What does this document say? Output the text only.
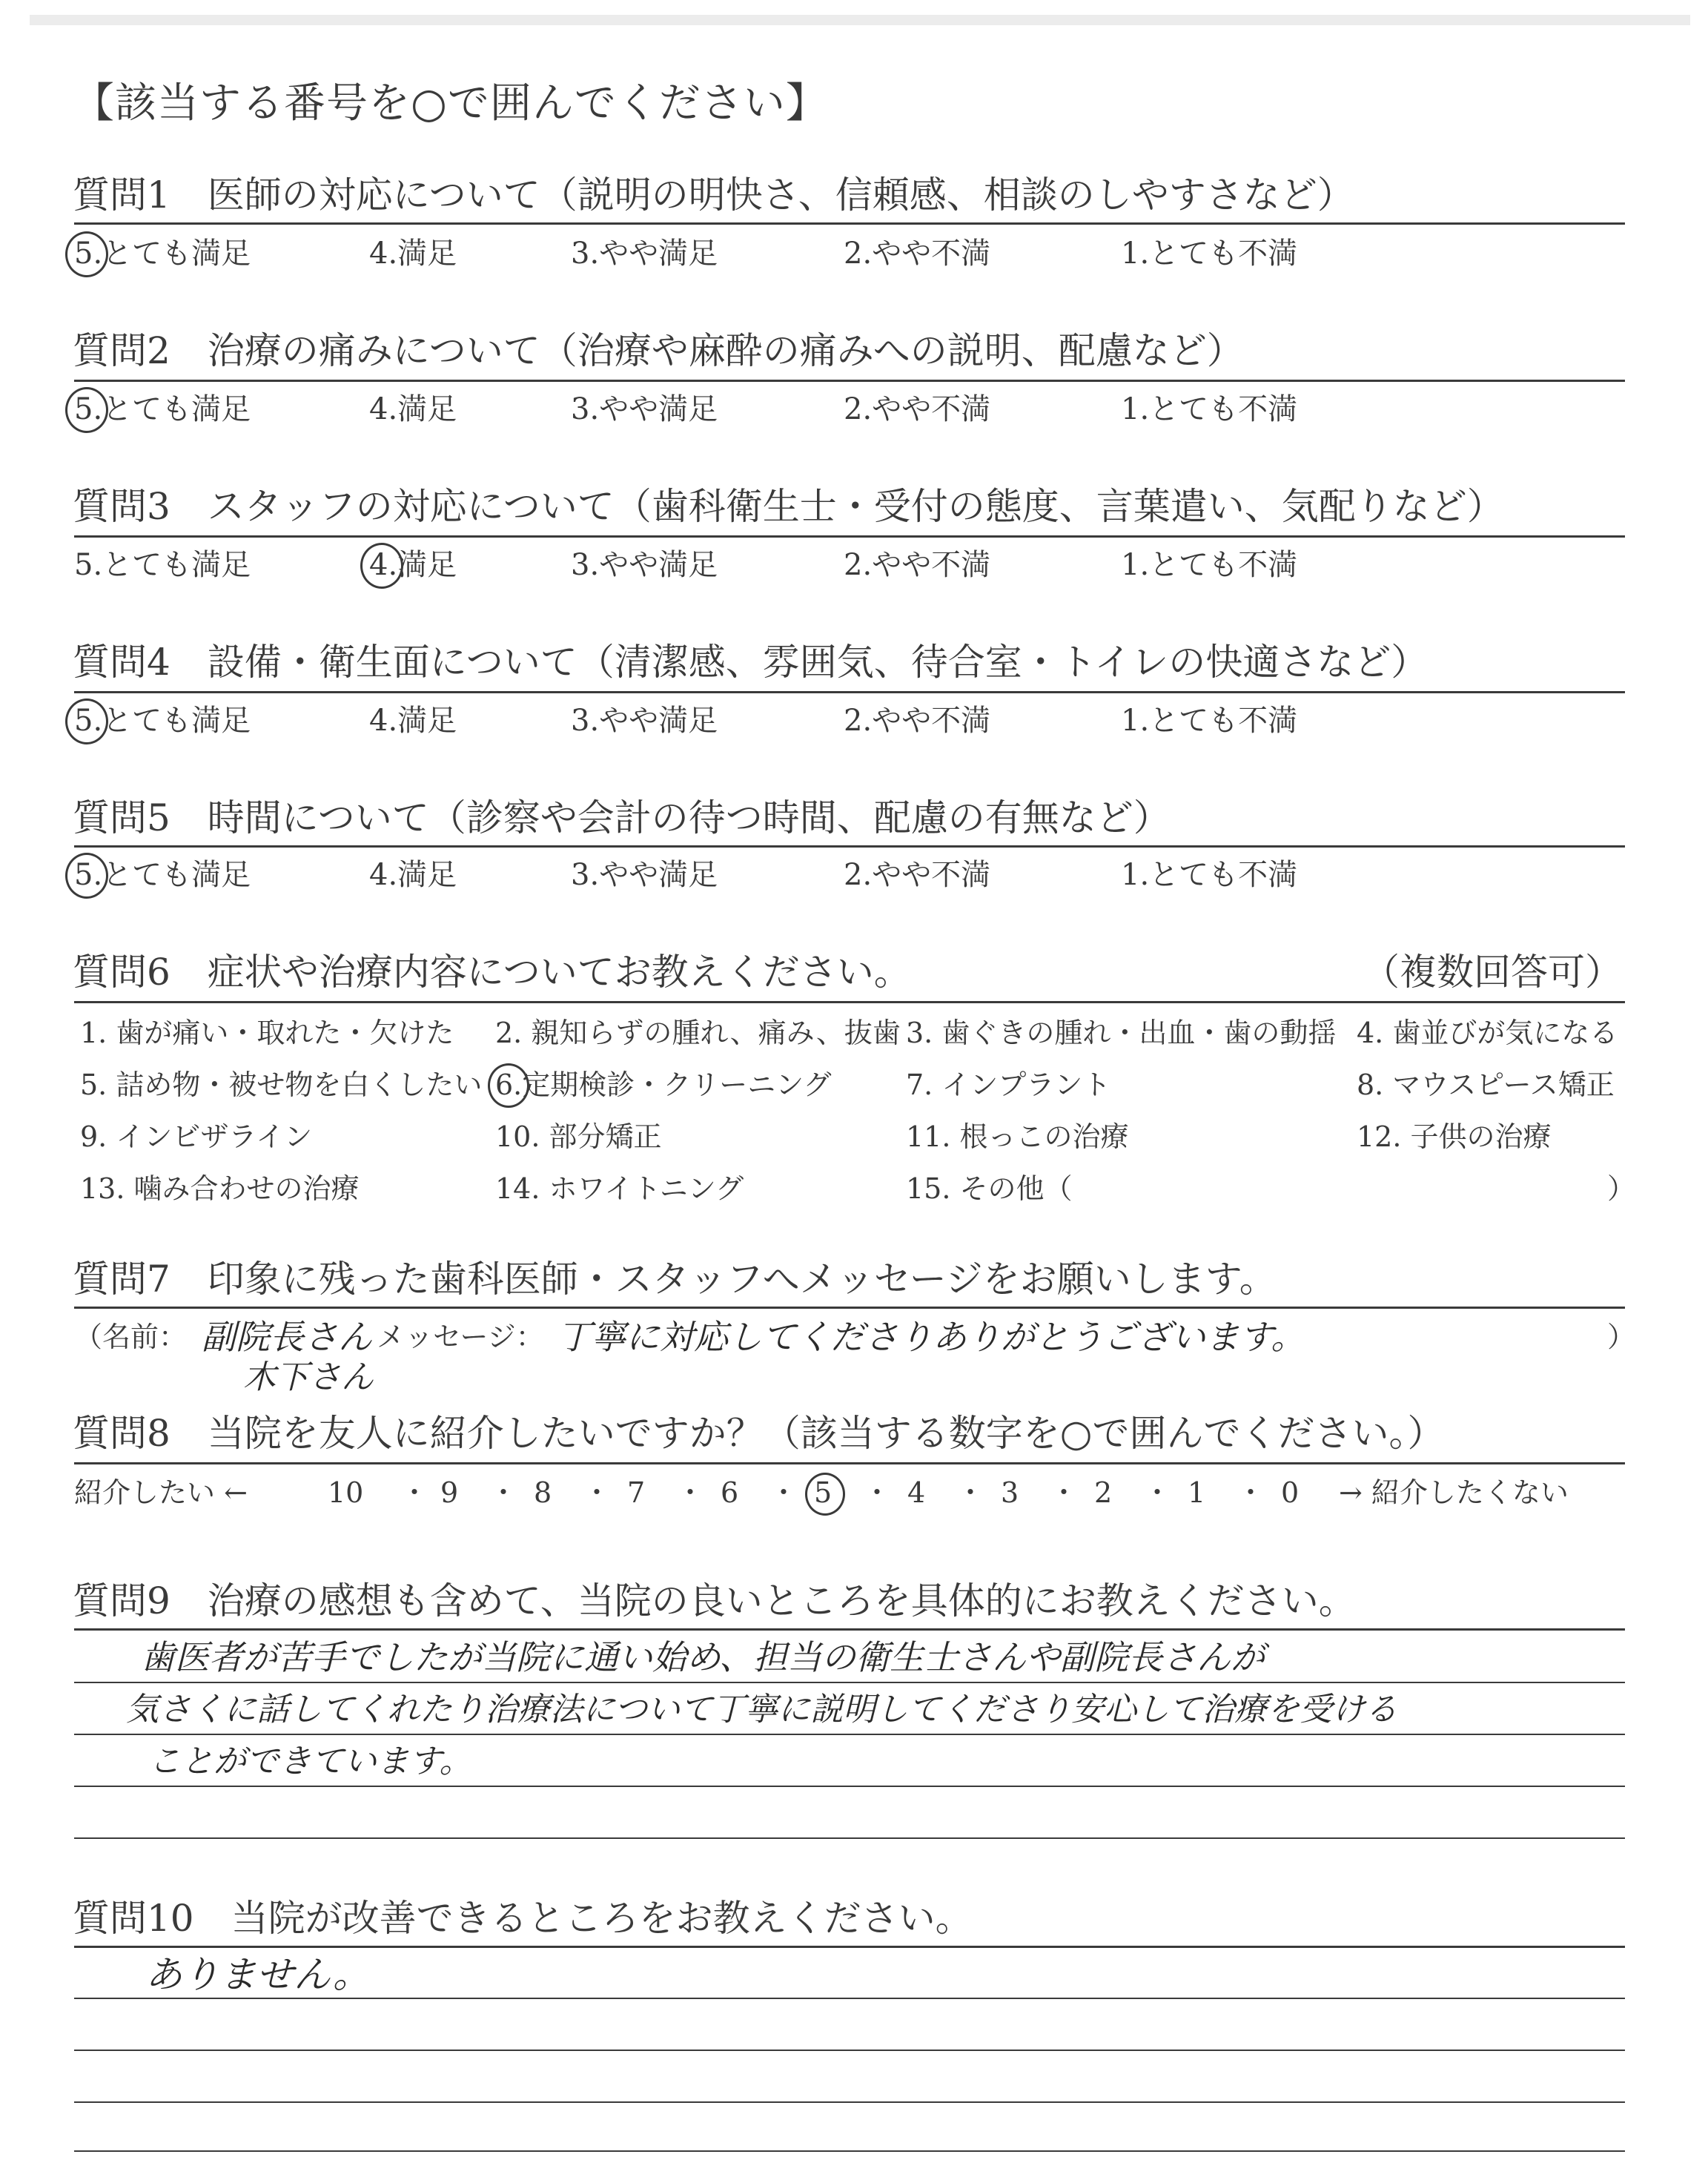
【該当する番号を○で囲んでください】
質問1　医師の対応について（説明の明快さ、信頼感、相談のしやすさなど）
5.とても満足	4.満足	3.やや満足	2.やや不満	1.とても不満
質問2　治療の痛みについて（治療や麻酔の痛みへの説明、配慮など）
5.とても満足	4.満足	3.やや満足	2.やや不満	1.とても不満
質問3　スタッフの対応について（歯科衛生士・受付の態度、言葉遣い、気配りなど）
5.とても満足	4.満足	3.やや満足	2.やや不満	1.とても不満
質問4　設備・衛生面について（清潔感、雰囲気、待合室・トイレの快適さなど）
5.とても満足	4.満足	3.やや満足	2.やや不満	1.とても不満
質問5　時間について（診察や会計の待つ時間、配慮の有無など）
5.とても満足	4.満足	3.やや満足	2.やや不満	1.とても不満
質問6　症状や治療内容についてお教えください。	（複数回答可）
1. 歯が痛い・取れた・欠けた 2. 親知らずの腫れ、痛み、抜歯 3. 歯ぐきの腫れ・出血・歯の動揺 4. 歯並びが気になる
5. 詰め物・被せ物を白くしたい 6.定期検診・クリーニング	7. インプラント	8. マウスピース矯正
9. インビザライン	10. 部分矯正	11. 根っこの治療	12. 子供の治療
13. 噛み合わせの治療	14. ホワイトニング	15. その他（	）
質問7　印象に残った歯科医師・スタッフへメッセージをお願いします。
（名前： 副院長さん
木下さん
メッセージ： 丁寧に対応してくださりありがとうございます。	）
質問8　当院を友人に紹介したいですか？（該当する数字を○で囲んでください。）
紹介したい ←	10 ・ 9 ・ 8 ・ 7 ・ 6 ・ 5 ・ 4 ・ 3 ・ 2 ・ 1 ・ 0 → 紹介したくない
質問9　治療の感想も含めて、当院の良いところを具体的にお教えください。
歯医者が苦手でしたが当院に通い始め、担当の衛生士さんや副院長さんが
気さくに話してくれたり治療法について丁寧に説明してくださり安心して治療を受ける
ことができています。
質問10　当院が改善できるところをお教えください。
ありません。
